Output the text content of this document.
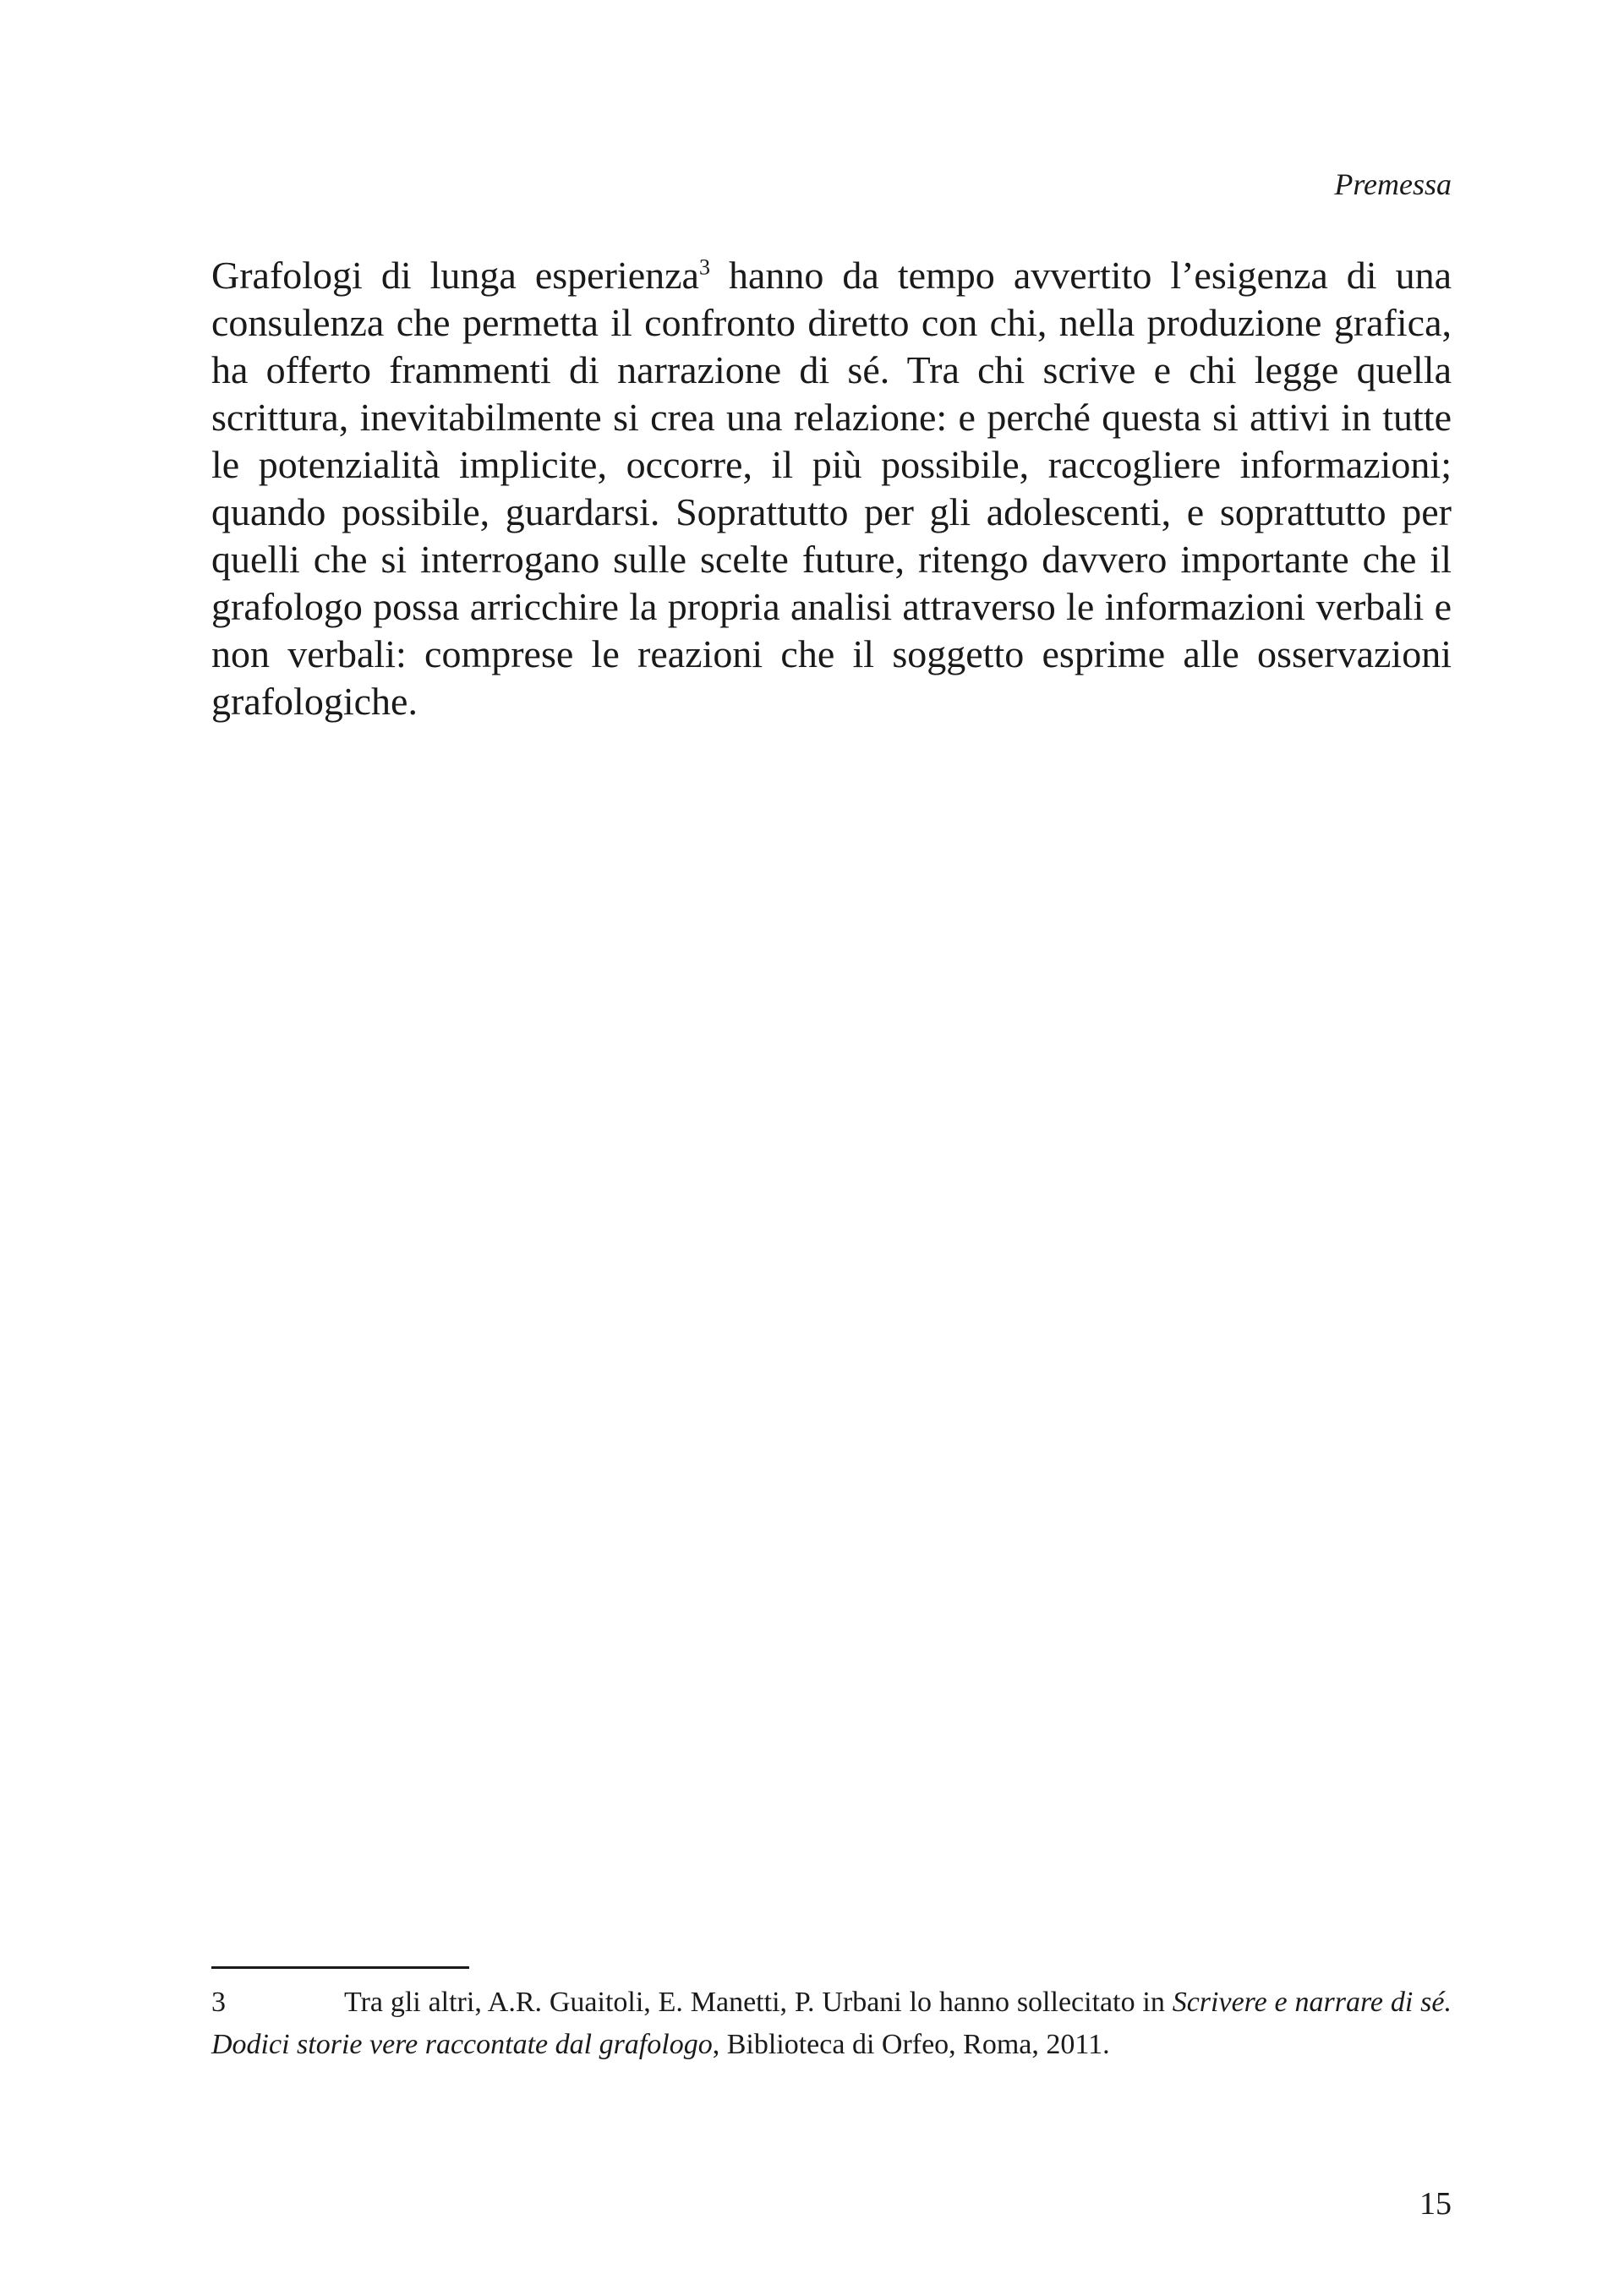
Premessa

Grafologi di lunga esperienza$^3$ hanno da tempo avvertito l’esigenza di una consulenza che permetta il confronto diretto con chi, nella produzione grafica, ha offerto frammenti di narrazione di sé. Tra chi scrive e chi legge quella scrittura, inevitabilmente si crea una relazione: e perché questa si attivi in tutte le potenzialità implicite, occorre, il più possibile, raccogliere informazioni; quando possibile, guardarsi. Soprattutto per gli adolescenti, e soprattutto per quelli che si interrogano sulle scelte future, ritengo davvero importante che il grafologo possa arricchire la propria analisi attraverso le informazioni verbali e non verbali: comprese le reazioni che il soggetto esprime alle osservazioni grafologiche.

3	Tra gli altri, A.R. Guaitoli, E. Manetti, P. Urbani lo hanno sollecitato in Scrivere e narrare di sé. Dodici storie vere raccontate dal grafologo, Biblioteca di Orfeo, Roma, 2011.

15
